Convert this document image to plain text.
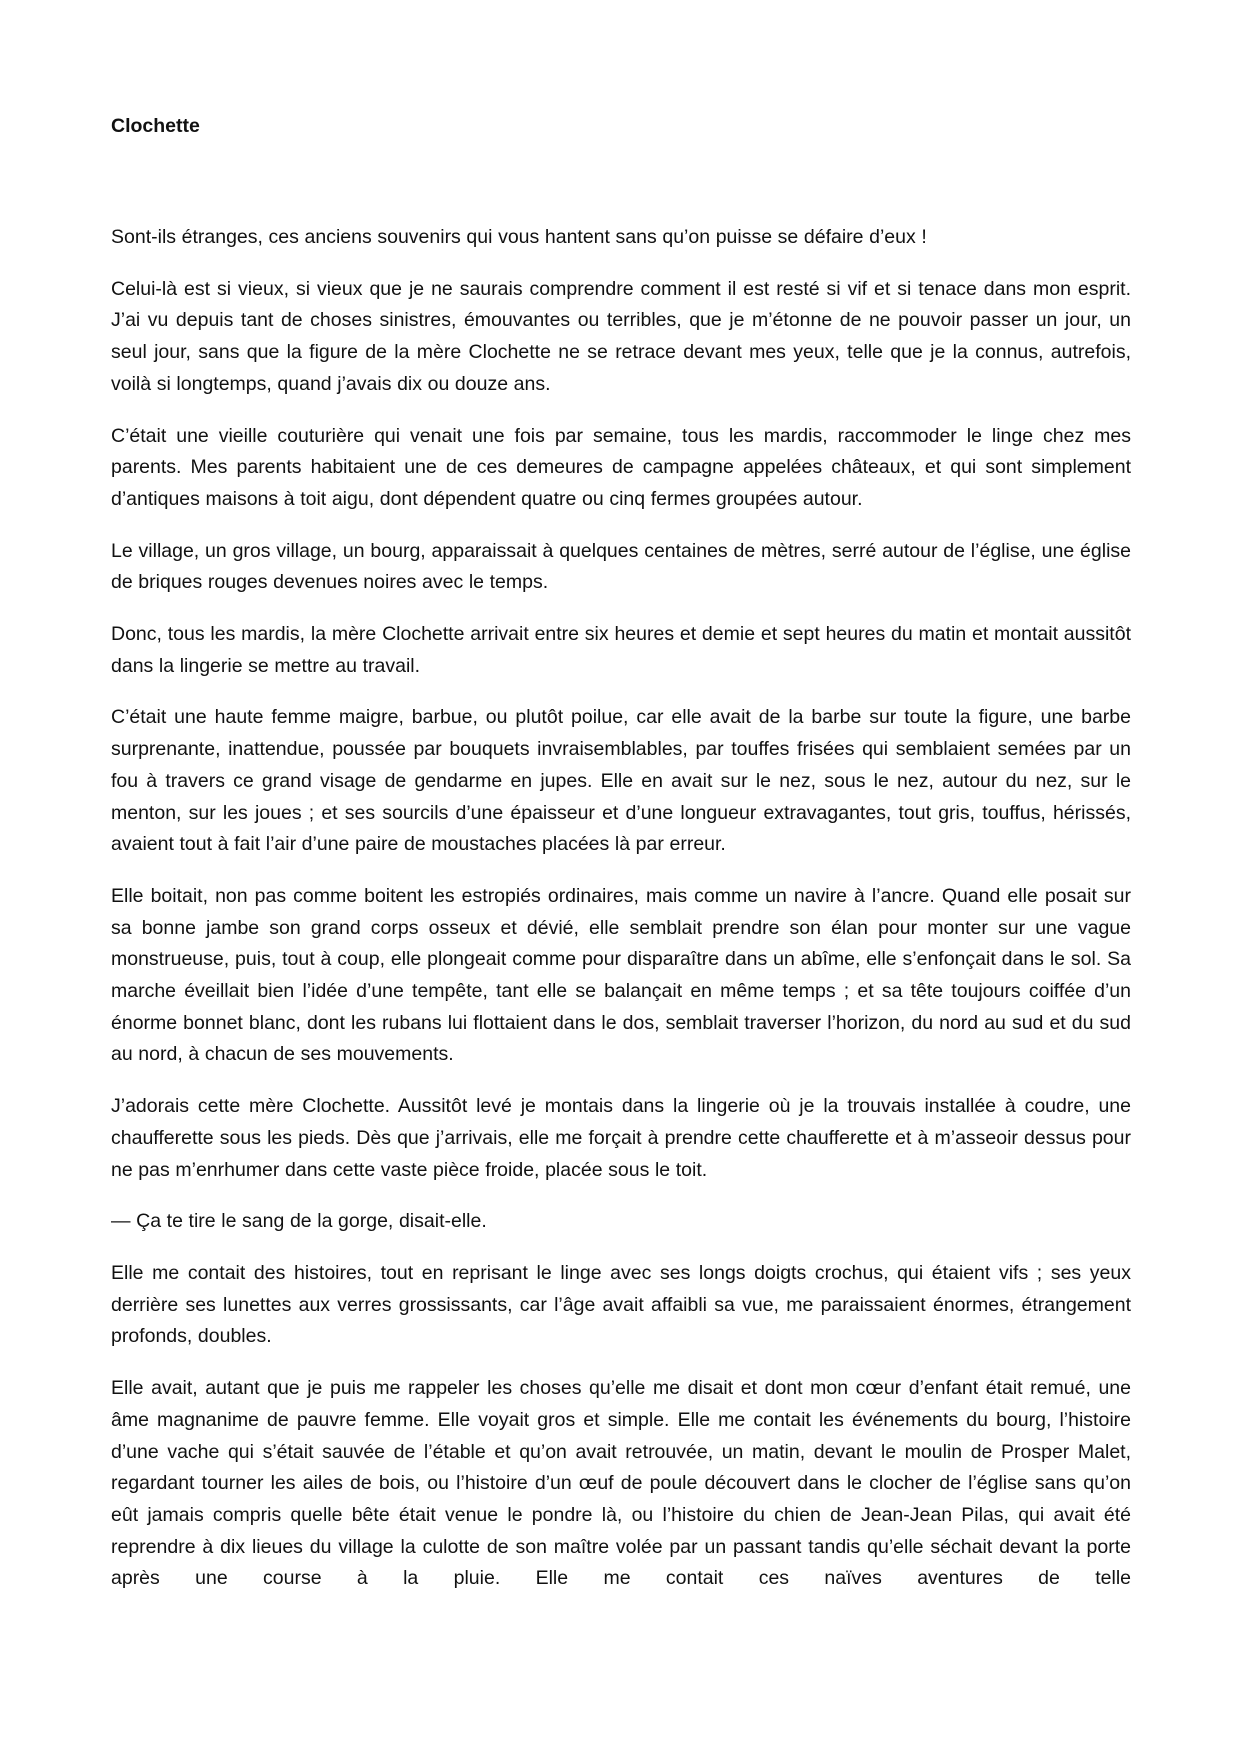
Clochette

Sont-ils étranges, ces anciens souvenirs qui vous hantent sans qu’on puisse se défaire d’eux !

Celui-là est si vieux, si vieux que je ne saurais comprendre comment il est resté si vif et si tenace dans mon esprit. J’ai vu depuis tant de choses sinistres, émouvantes ou terribles, que je m’étonne de ne pouvoir passer un jour, un seul jour, sans que la figure de la mère Clochette ne se retrace devant mes yeux, telle que je la connus, autrefois, voilà si longtemps, quand j’avais dix ou douze ans.

C’était une vieille couturière qui venait une fois par semaine, tous les mardis, raccommoder le linge chez mes parents. Mes parents habitaient une de ces demeures de campagne appelées châteaux, et qui sont simplement d’antiques maisons à toit aigu, dont dépendent quatre ou cinq fermes groupées autour.

Le village, un gros village, un bourg, apparaissait à quelques centaines de mètres, serré autour de l’église, une église de briques rouges devenues noires avec le temps.

Donc, tous les mardis, la mère Clochette arrivait entre six heures et demie et sept heures du matin et montait aussitôt dans la lingerie se mettre au travail.

C’était une haute femme maigre, barbue, ou plutôt poilue, car elle avait de la barbe sur toute la figure, une barbe surprenante, inattendue, poussée par bouquets invraisemblables, par touffes frisées qui semblaient semées par un fou à travers ce grand visage de gendarme en jupes. Elle en avait sur le nez, sous le nez, autour du nez, sur le menton, sur les joues ; et ses sourcils d’une épaisseur et d’une longueur extravagantes, tout gris, touffus, hérissés, avaient tout à fait l’air d’une paire de moustaches placées là par erreur.

Elle boitait, non pas comme boitent les estropiés ordinaires, mais comme un navire à l’ancre. Quand elle posait sur sa bonne jambe son grand corps osseux et dévié, elle semblait prendre son élan pour monter sur une vague monstrueuse, puis, tout à coup, elle plongeait comme pour disparaître dans un abîme, elle s’enfonçait dans le sol. Sa marche éveillait bien l’idée d’une tempête, tant elle se balançait en même temps ; et sa tête toujours coiffée d’un énorme bonnet blanc, dont les rubans lui flottaient dans le dos, semblait traverser l’horizon, du nord au sud et du sud au nord, à chacun de ses mouvements.

J’adorais cette mère Clochette. Aussitôt levé je montais dans la lingerie où je la trouvais installée à coudre, une chaufferette sous les pieds. Dès que j’arrivais, elle me forçait à prendre cette chaufferette et à m’asseoir dessus pour ne pas m’enrhumer dans cette vaste pièce froide, placée sous le toit.

— Ça te tire le sang de la gorge, disait-elle.

Elle me contait des histoires, tout en reprisant le linge avec ses longs doigts crochus, qui étaient vifs ; ses yeux derrière ses lunettes aux verres grossissants, car l’âge avait affaibli sa vue, me paraissaient énormes, étrangement profonds, doubles.

Elle avait, autant que je puis me rappeler les choses qu’elle me disait et dont mon cœur d’enfant était remué, une âme magnanime de pauvre femme. Elle voyait gros et simple. Elle me contait les événements du bourg, l’histoire d’une vache qui s’était sauvée de l’étable et qu’on avait retrouvée, un matin, devant le moulin de Prosper Malet, regardant tourner les ailes de bois, ou l’histoire d’un œuf de poule découvert dans le clocher de l’église sans qu’on eût jamais compris quelle bête était venue le pondre là, ou l’histoire du chien de Jean-Jean Pilas, qui avait été reprendre à dix lieues du village la culotte de son maître volée par un passant tandis qu’elle séchait devant la porte après une course à la pluie. Elle me contait ces naïves aventures de telle
